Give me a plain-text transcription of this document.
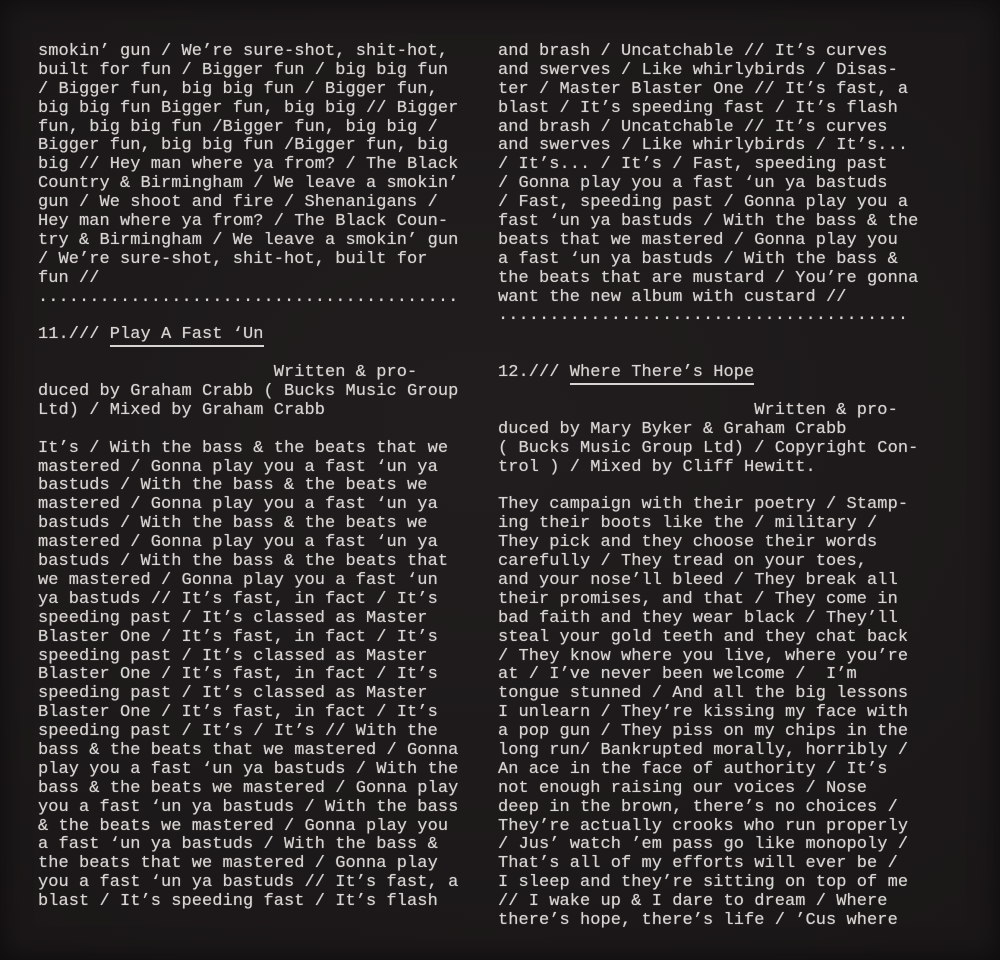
smokin’ gun / We’re sure-shot, shit-hot,
built for fun / Bigger fun / big big fun
/ Bigger fun, big big fun / Bigger fun,
big big fun Bigger fun, big big // Bigger
fun, big big fun /Bigger fun, big big /
Bigger fun, big big fun /Bigger fun, big
big // Hey man where ya from? / The Black
Country & Birmingham / We leave a smokin’
gun / We shoot and fire / Shenanigans /
Hey man where ya from? / The Black Coun-
try & Birmingham / We leave a smokin’ gun
/ We’re sure-shot, shit-hot, built for
fun //
.........................................

11./// Play A Fast ‘Un

Written & pro-
duced by Graham Crabb ( Bucks Music Group
Ltd) / Mixed by Graham Crabb

It’s / With the bass & the beats that we
mastered / Gonna play you a fast ‘un ya
bastuds / With the bass & the beats we
mastered / Gonna play you a fast ‘un ya
bastuds / With the bass & the beats we
mastered / Gonna play you a fast ‘un ya
bastuds / With the bass & the beats that
we mastered / Gonna play you a fast ‘un
ya bastuds // It’s fast, in fact / It’s
speeding past / It’s classed as Master
Blaster One / It’s fast, in fact / It’s
speeding past / It’s classed as Master
Blaster One / It’s fast, in fact / It’s
speeding past / It’s classed as Master
Blaster One / It’s fast, in fact / It’s
speeding past / It’s / It’s // With the
bass & the beats that we mastered / Gonna
play you a fast ‘un ya bastuds / With the
bass & the beats we mastered / Gonna play
you a fast ‘un ya bastuds / With the bass
& the beats we mastered / Gonna play you
a fast ‘un ya bastuds / With the bass &
the beats that we mastered / Gonna play
you a fast ‘un ya bastuds // It’s fast, a
blast / It’s speeding fast / It’s flash
and brash / Uncatchable // It’s curves
and swerves / Like whirlybirds / Disas-
ter / Master Blaster One // It’s fast, a
blast / It’s speeding fast / It’s flash
and brash / Uncatchable // It’s curves
and swerves / Like whirlybirds / It’s...
/ It’s... / It’s / Fast, speeding past
/ Gonna play you a fast ‘un ya bastuds
/ Fast, speeding past / Gonna play you a
fast ‘un ya bastuds / With the bass & the
beats that we mastered / Gonna play you
a fast ‘un ya bastuds / With the bass &
the beats that are mustard / You’re gonna
want the new album with custard //
........................................

12./// Where There’s Hope

Written & pro-
duced by Mary Byker & Graham Crabb
( Bucks Music Group Ltd) / Copyright Con-
trol ) / Mixed by Cliff Hewitt.

They campaign with their poetry / Stamp-
ing their boots like the / military /
They pick and they choose their words
carefully / They tread on your toes,
and your nose’ll bleed / They break all
their promises, and that / They come in
bad faith and they wear black / They’ll
steal your gold teeth and they chat back
/ They know where you live, where you’re
at / I’ve never been welcome /  I’m
tongue stunned / And all the big lessons
I unlearn / They’re kissing my face with
a pop gun / They piss on my chips in the
long run/ Bankrupted morally, horribly /
An ace in the face of authority / It’s
not enough raising our voices / Nose
deep in the brown, there’s no choices /
They’re actually crooks who run properly
/ Jus’ watch ’em pass go like monopoly /
That’s all of my efforts will ever be /
I sleep and they’re sitting on top of me
// I wake up & I dare to dream / Where
there’s hope, there’s life / ’Cus where
